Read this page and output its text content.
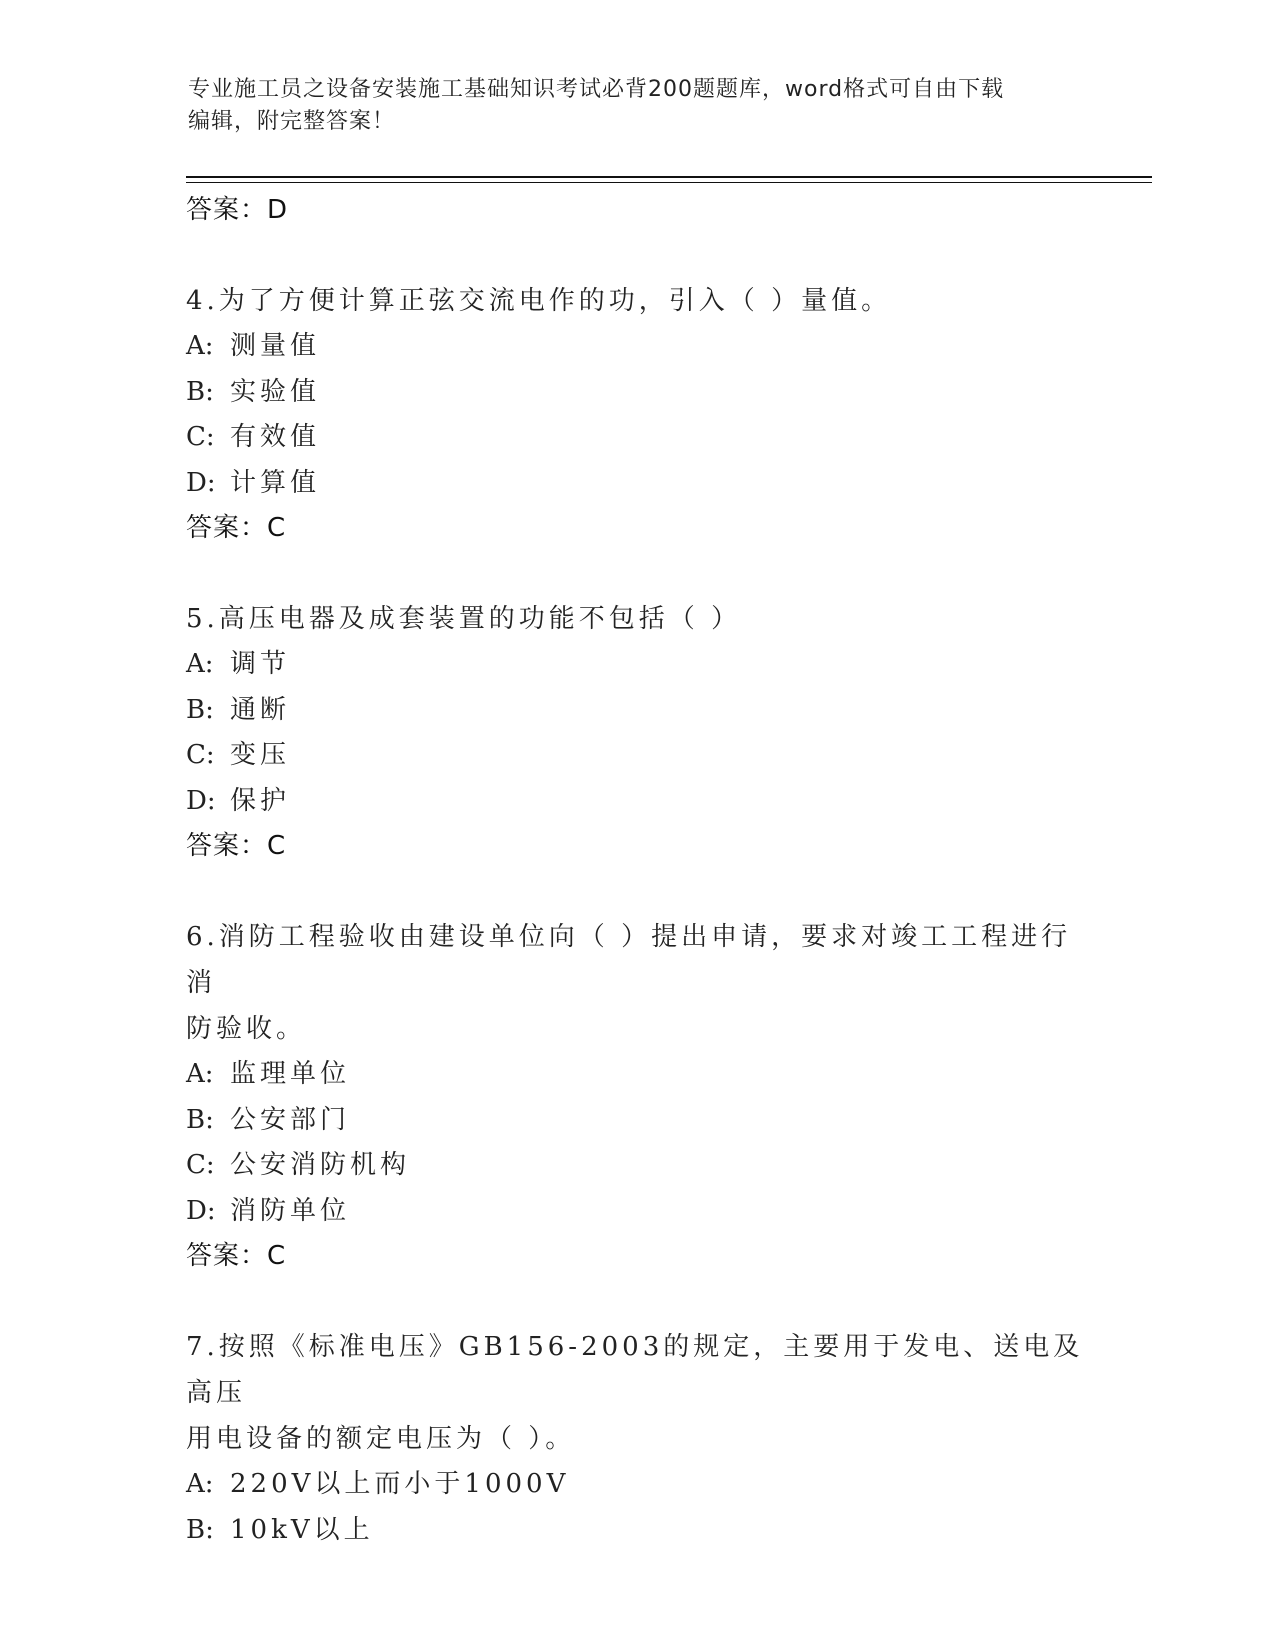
专业施工员之设备安装施工基础知识考试必背200题题库，word格式可自由下载
编辑，附完整答案！

答案：D

4.为了方便计算正弦交流电作的功，引入（ ）量值。

A: 测量值

B: 实验值

C: 有效值

D: 计算值

答案：C

5.高压电器及成套装置的功能不包括（ ）

A: 调节

B: 通断

C: 变压

D: 保护

答案：C

6.消防工程验收由建设单位向（ ）提出申请，要求对竣工工程进行消

防验收。

A: 监理单位

B: 公安部门

C: 公安消防机构

D: 消防单位

答案：C

7.按照《标准电压》GB156-2003的规定，主要用于发电、送电及高压

用电设备的额定电压为（ ）。

A: 220V以上而小于1000V

B: 10kV以上
